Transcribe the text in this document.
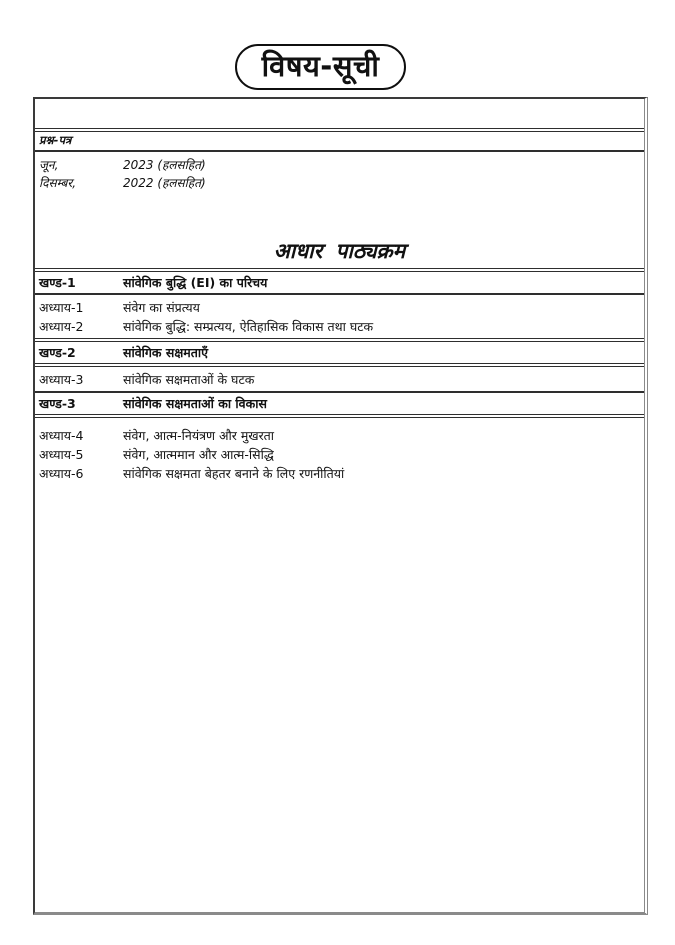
विषय-सूची
प्रश्न-पत्र
जून,	2023 (हलसहित)
दिसम्बर,	2022 (हलसहित)
आधार पाठ्यक्रम
खण्ड-1	सांवेगिक बुद्धि (EI) का परिचय
अध्याय-1	संवेग का संप्रत्यय
अध्याय-2	सांवेगिक बुद्धि: सम्प्रत्यय, ऐतिहासिक विकास तथा घटक
खण्ड-2	सांवेगिक सक्षमताएँ
अध्याय-3	सांवेगिक सक्षमताओं के घटक
खण्ड-3	सांवेगिक सक्षमताओं का विकास
अध्याय-4	संवेग, आत्म-नियंत्रण और मुखरता
अध्याय-5	संवेग, आत्ममान और आत्म-सिद्धि
अध्याय-6	सांवेगिक सक्षमता बेहतर बनाने के लिए रणनीतियां
